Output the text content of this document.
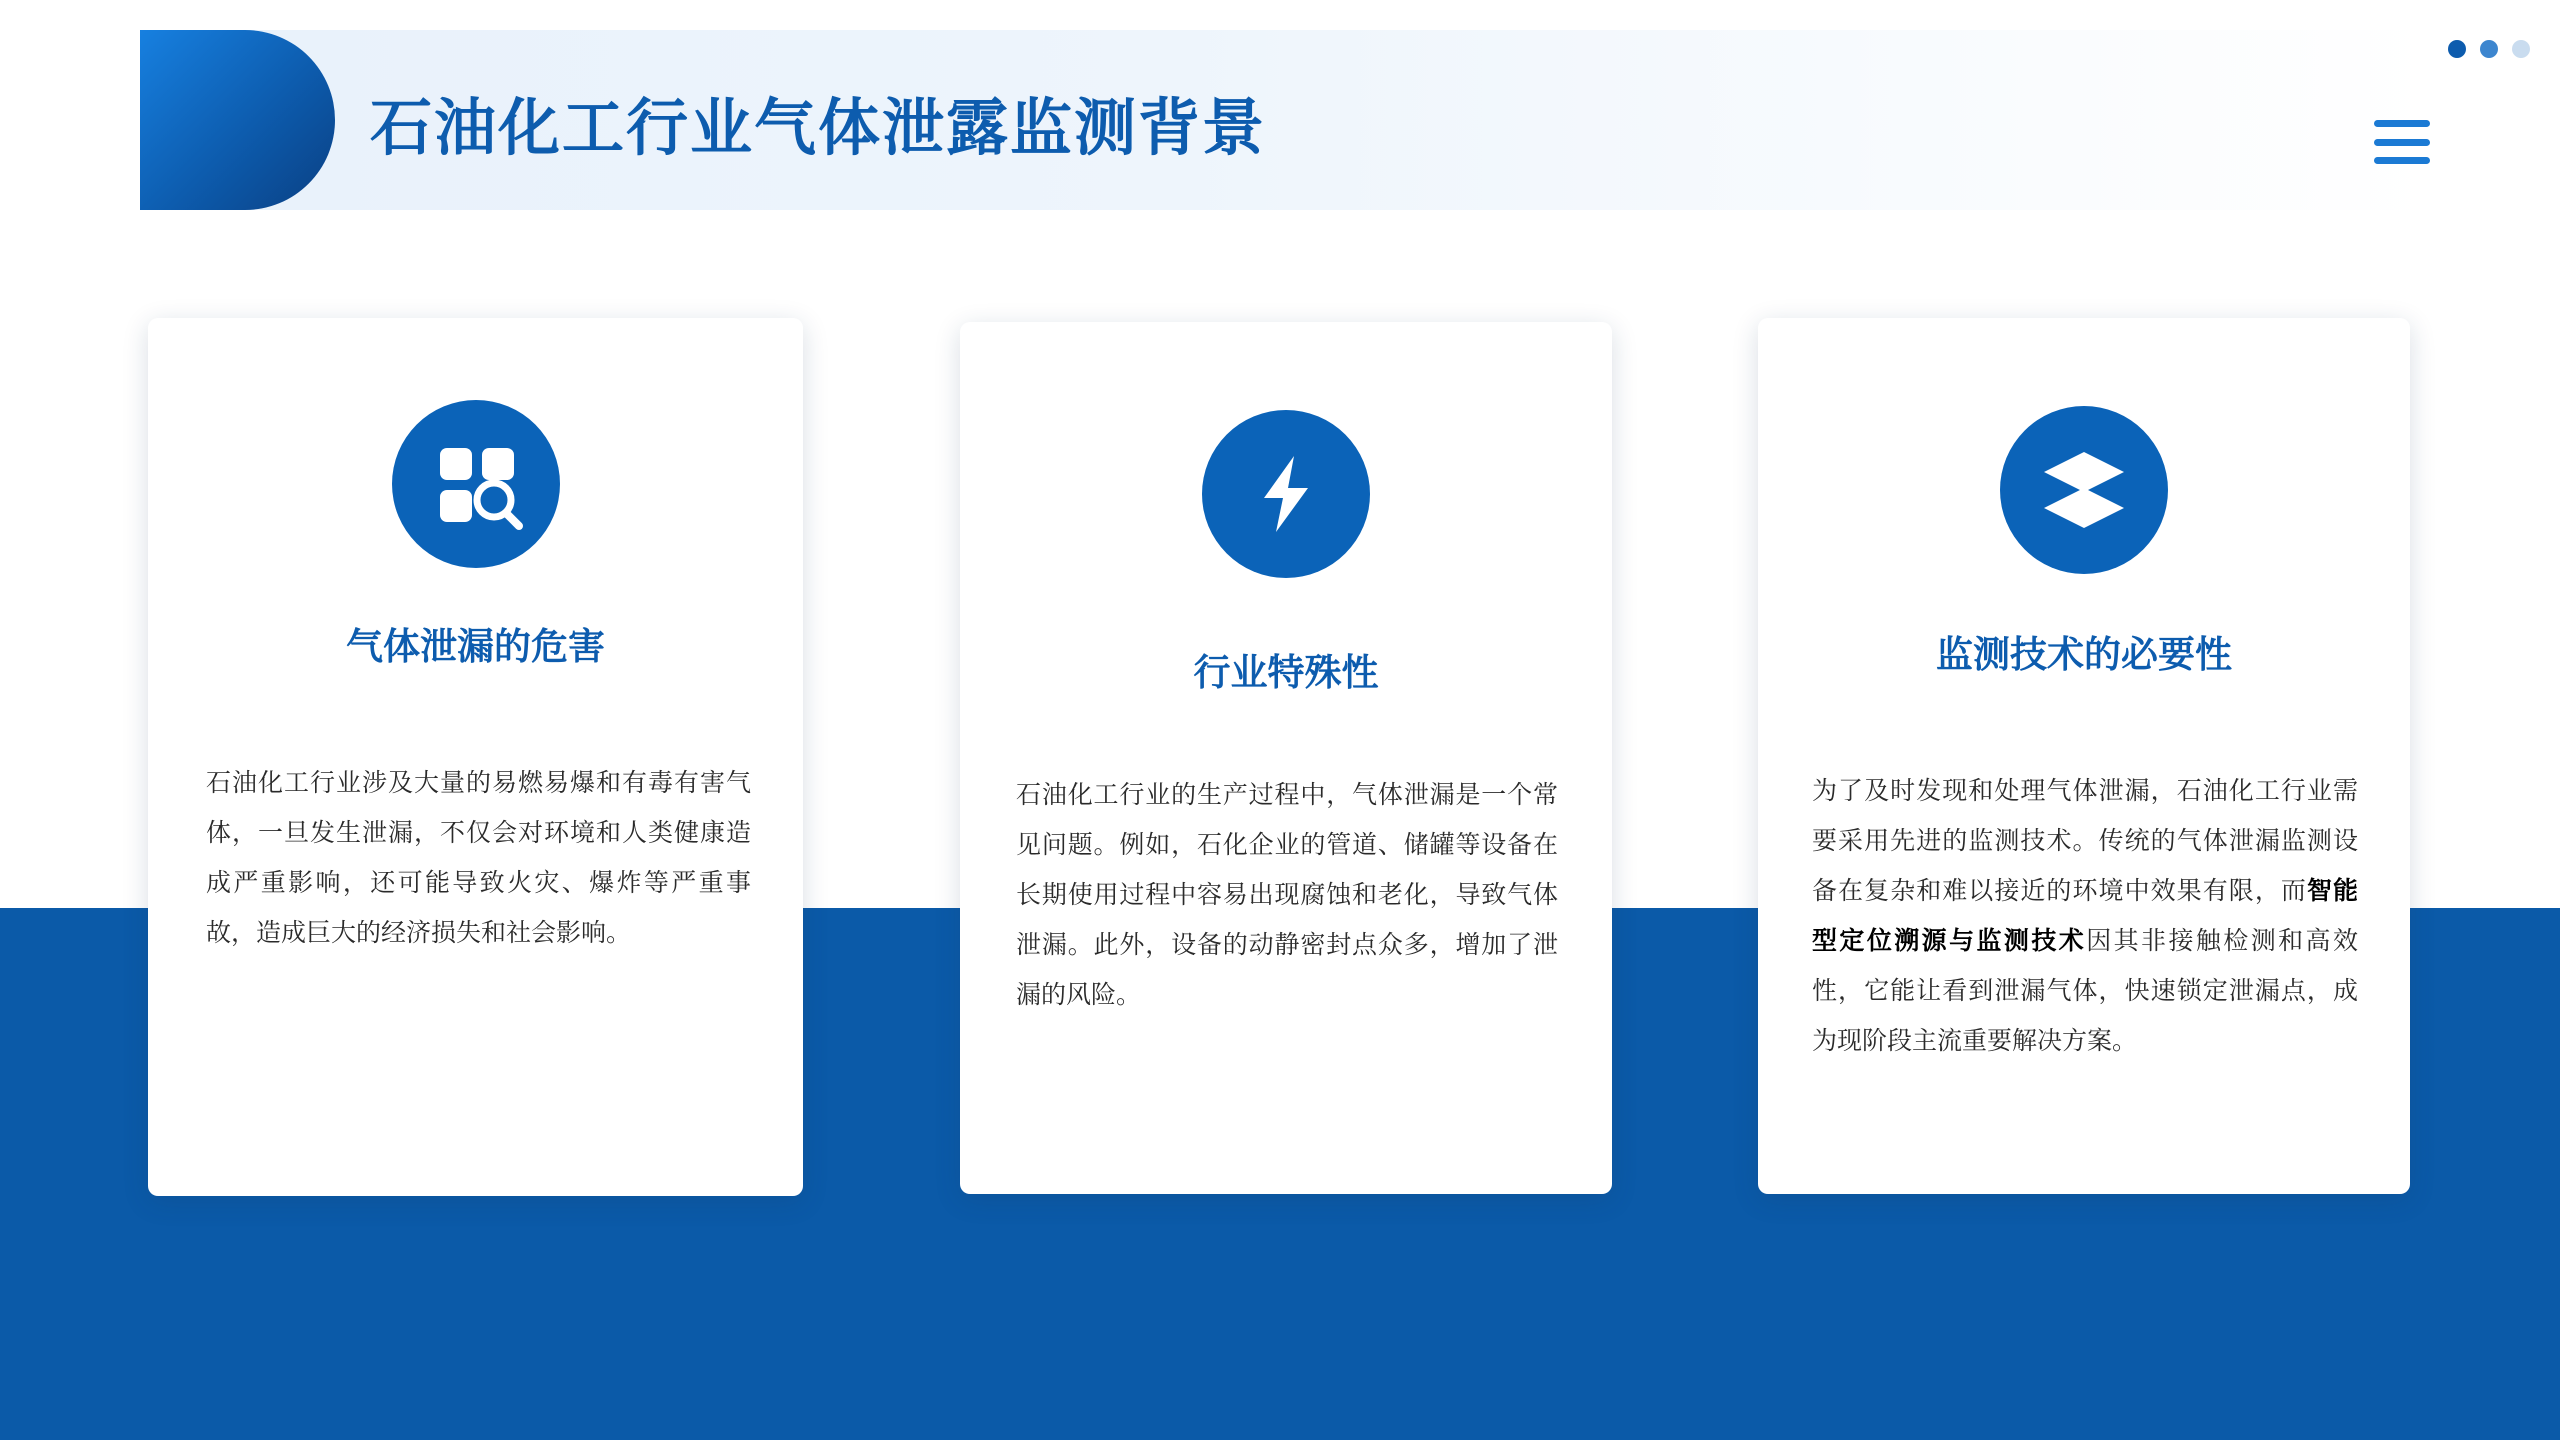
石油化工行业气体泄露监测背景
气体泄漏的危害
石油化工行业涉及大量的易燃易爆和有毒有害气体，一旦发生泄漏，不仅会对环境和人类健康造成严重影响，还可能导致火灾、爆炸等严重事故，造成巨大的经济损失和社会影响。
行业特殊性
石油化工行业的生产过程中，气体泄漏是一个常见问题。例如，石化企业的管道、储罐等设备在长期使用过程中容易出现腐蚀和老化，导致气体泄漏。此外，设备的动静密封点众多，增加了泄漏的风险。
监测技术的必要性
为了及时发现和处理气体泄漏，石油化工行业需要采用先进的监测技术。传统的气体泄漏监测设备在复杂和难以接近的环境中效果有限，而智能型定位溯源与监测技术因其非接触检测和高效性，它能让看到泄漏气体，快速锁定泄漏点，成为现阶段主流重要解决方案。
